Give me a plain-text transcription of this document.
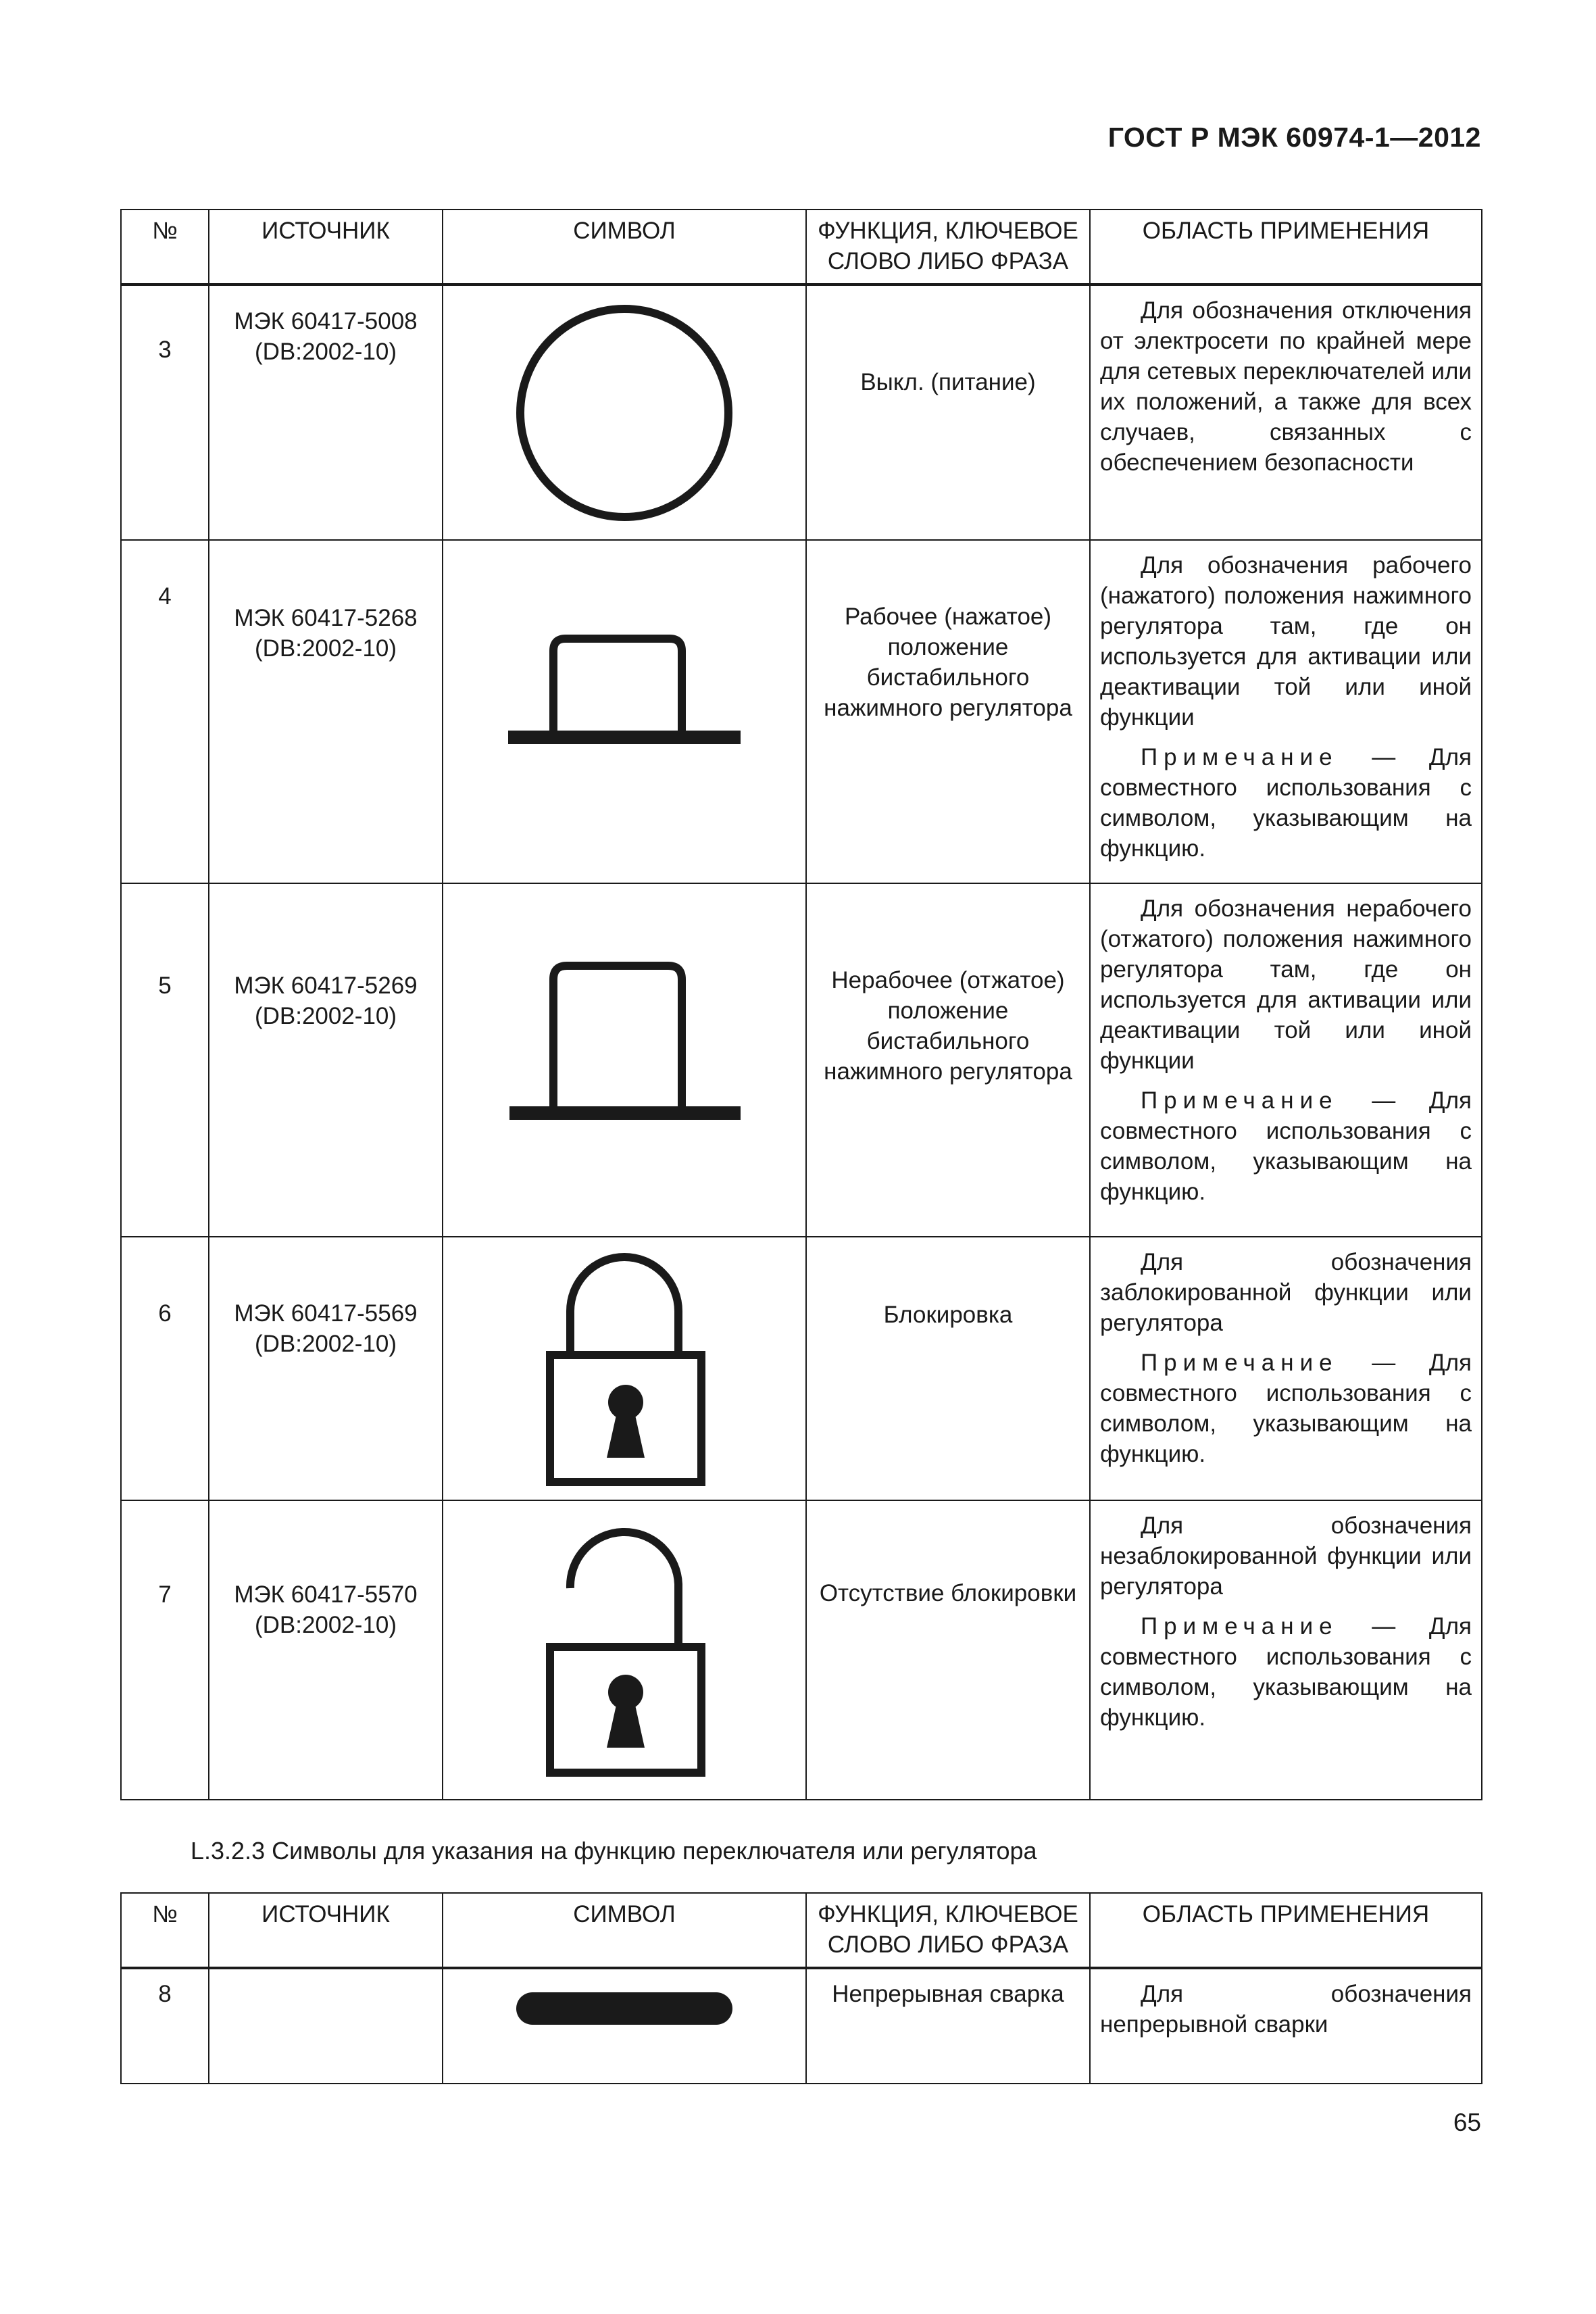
ГОСТ Р МЭК 60974-1—2012
№	ИСТОЧНИК	СИМВОЛ	ФУНКЦИЯ, КЛЮЧЕВОЕ СЛОВО ЛИБО ФРАЗА	ОБЛАСТЬ ПРИМЕНЕНИЯ

3	МЭК 60417-5008 (DB:2002-10)		Выкл. (питание)	Для обозначения отключения от электросети по крайней мере для сетевых переключателей или их положений, а также для всех случаев, связанных с обеспечением безопасности

4	МЭК 60417-5268 (DB:2002-10)		Рабочее (нажатое) положение бистабильного нажимного регулятора	Для обозначения рабочего (нажатого) положения нажимного регулятора там, где он используется для активации или деактивации той или иной функции

Примечание — Для совместного использования с символом, указывающим на функцию.

5	МЭК 60417-5269 (DB:2002-10)		Нерабочее (отжатое) положение бистабильного нажимного регулятора	Для обозначения нерабочего (отжатого) положения нажимного регулятора там, где он используется для активации или деактивации той или иной функции

Примечание — Для совместного использования с символом, указывающим на функцию.

6	МЭК 60417-5569 (DB:2002-10)		Блокировка	Для обозначения заблокированной функции или регулятора

Примечание — Для совместного использования с символом, указывающим на функцию.

7	МЭК 60417-5570 (DB:2002-10)		Отсутствие блокировки	Для обозначения незаблокированной функции или регулятора

Примечание — Для совместного использования с символом, указывающим на функцию.

L.3.2.3 Символы для указания на функцию переключателя или регулятора
№	ИСТОЧНИК	СИМВОЛ	ФУНКЦИЯ, КЛЮЧЕВОЕ СЛОВО ЛИБО ФРАЗА	ОБЛАСТЬ ПРИМЕНЕНИЯ

8			Непрерывная сварка	Для обозначения непрерывной сварки

65
